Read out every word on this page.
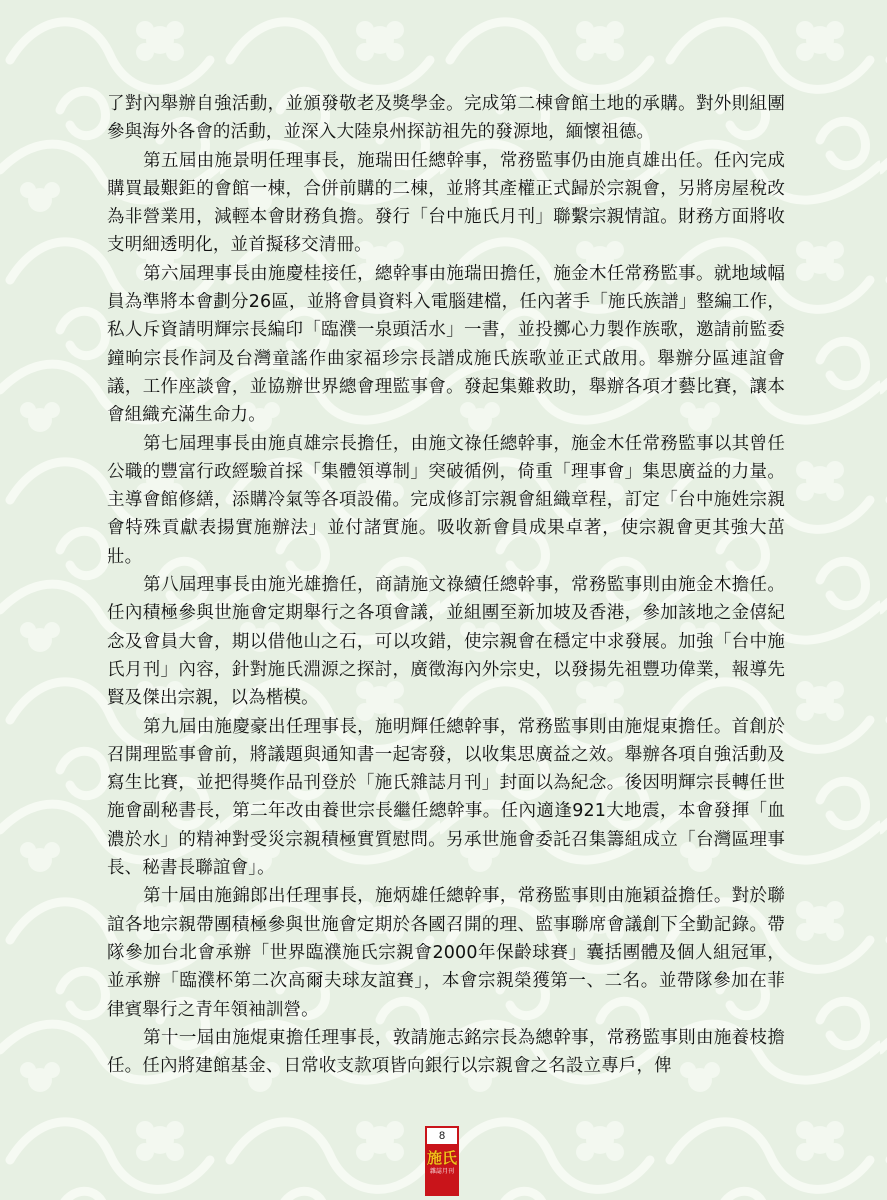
了對內舉辦自強活動，並頒發敬老及獎學金。完成第二棟會館土地的承購。對外則組團參與海外各會的活動，並深入大陸泉州探訪祖先的發源地，緬懷祖德。

第五屆由施景明任理事長，施瑞田任總幹事，常務監事仍由施貞雄出任。任內完成購買最艱鉅的會館一棟，合併前購的二棟，並將其產權正式歸於宗親會，另將房屋稅改為非營業用，減輕本會財務負擔。發行「台中施氏月刊」聯繫宗親情誼。財務方面將收支明細透明化，並首擬移交清冊。

第六屆理事長由施慶桂接任，總幹事由施瑞田擔任，施金木任常務監事。就地域幅員為準將本會劃分26區，並將會員資料入電腦建檔，任內著手「施氏族譜」整編工作，私人斥資請明輝宗長編印「臨濮一泉頭活水」一書，並投擲心力製作族歌，邀請前監委鐘晌宗長作詞及台灣童謠作曲家福珍宗長譜成施氏族歌並正式啟用。舉辦分區連誼會議，工作座談會，並協辦世界總會理監事會。發起集難救助，舉辦各項才藝比賽，讓本會組織充滿生命力。

第七屆理事長由施貞雄宗長擔任，由施文祿任總幹事，施金木任常務監事以其曾任公職的豐富行政經驗首採「集體領導制」突破循例，倚重「理事會」集思廣益的力量。主導會館修繕，添購冷氣等各項設備。完成修訂宗親會組織章程，訂定「台中施姓宗親會特殊貢獻表揚實施辦法」並付諸實施。吸收新會員成果卓著，使宗親會更其強大茁壯。

第八屆理事長由施光雄擔任，商請施文祿續任總幹事，常務監事則由施金木擔任。任內積極參與世施會定期舉行之各項會議，並組團至新加坡及香港，參加該地之金僖紀念及會員大會，期以借他山之石，可以攻錯，使宗親會在穩定中求發展。加強「台中施氏月刊」內容，針對施氏淵源之探討，廣徵海內外宗史，以發揚先祖豐功偉業，報導先賢及傑出宗親，以為楷模。

第九屆由施慶豪出任理事長，施明輝任總幹事，常務監事則由施焜東擔任。首創於召開理監事會前，將議題與通知書一起寄發，以收集思廣益之效。舉辦各項自強活動及寫生比賽，並把得獎作品刊登於「施氏雜誌月刊」封面以為紀念。後因明輝宗長轉任世施會副秘書長，第二年改由養世宗長繼任總幹事。任內適逢921大地震，本會發揮「血濃於水」的精神對受災宗親積極實質慰問。另承世施會委託召集籌組成立「台灣區理事長、秘書長聯誼會」。

第十屆由施錦郎出任理事長，施炳雄任總幹事，常務監事則由施穎益擔任。對於聯誼各地宗親帶團積極參與世施會定期於各國召開的理、監事聯席會議創下全勤記錄。帶隊參加台北會承辦「世界臨濮施氏宗親會2000年保齡球賽」囊括團體及個人組冠軍，並承辦「臨濮杯第二次高爾夫球友誼賽」，本會宗親榮獲第一、二名。並帶隊參加在菲律賓舉行之青年領袖訓營。

第十一屆由施焜東擔任理事長，敦請施志銘宗長為總幹事，常務監事則由施養枝擔任。任內將建館基金、日常收支款項皆向銀行以宗親會之名設立專戶，俾

8
施氏
雜誌月刊
